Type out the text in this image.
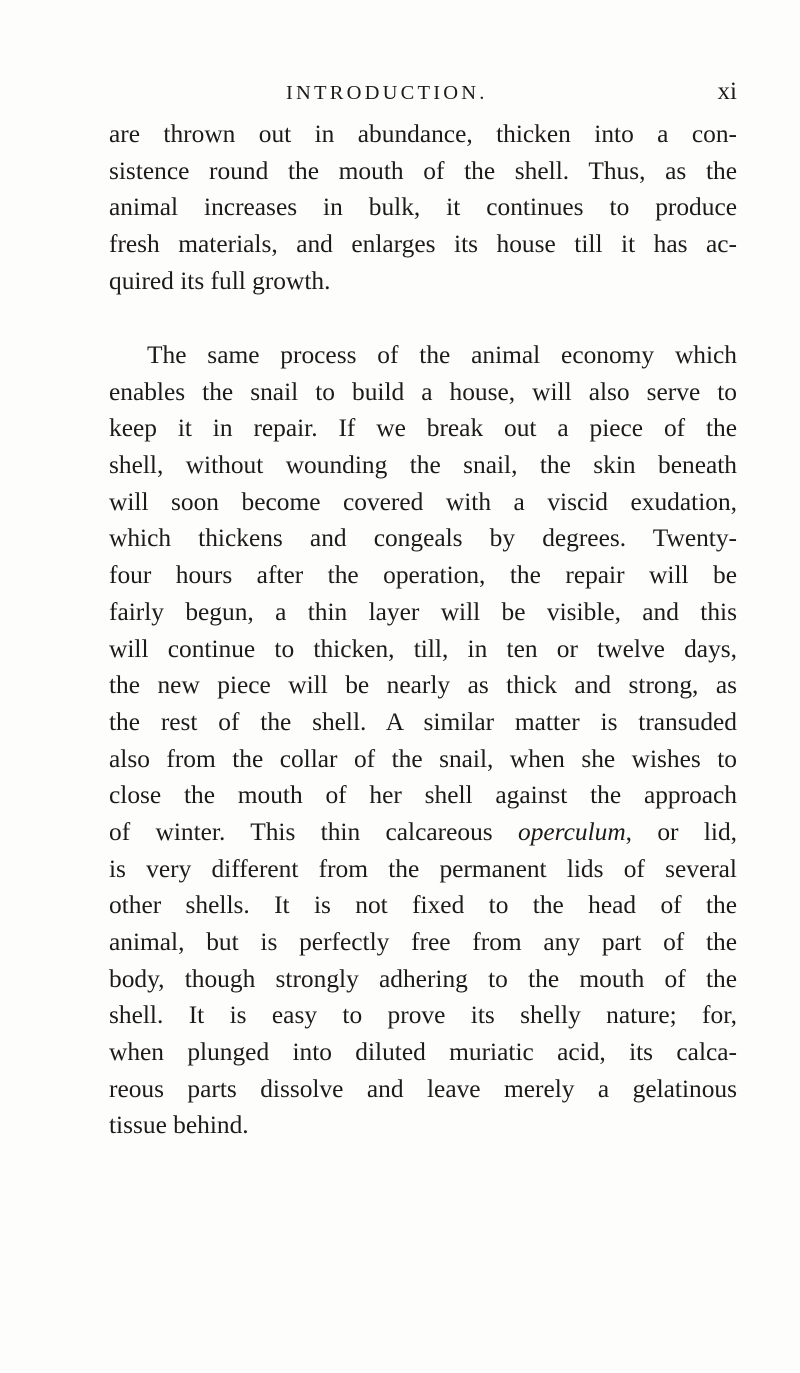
INTRODUCTION.	xi
are thrown out in abundance, thicken into a con-
sistence round the mouth of the shell. Thus, as the
animal increases in bulk, it continues to produce
fresh materials, and enlarges its house till it has ac-
quired its full growth.
The same process of the animal economy which
enables the snail to build a house, will also serve to
keep it in repair. If we break out a piece of the
shell, without wounding the snail, the skin beneath
will soon become covered with a viscid exudation,
which thickens and congeals by degrees. Twenty-
four hours after the operation, the repair will be
fairly begun, a thin layer will be visible, and this
will continue to thicken, till, in ten or twelve days,
the new piece will be nearly as thick and strong, as
the rest of the shell. A similar matter is transuded
also from the collar of the snail, when she wishes to
close the mouth of her shell against the approach
of winter. This thin calcareous operculum, or lid,
is very different from the permanent lids of several
other shells. It is not fixed to the head of the
animal, but is perfectly free from any part of the
body, though strongly adhering to the mouth of the
shell. It is easy to prove its shelly nature; for,
when plunged into diluted muriatic acid, its calca-
reous parts dissolve and leave merely a gelatinous
tissue behind.
